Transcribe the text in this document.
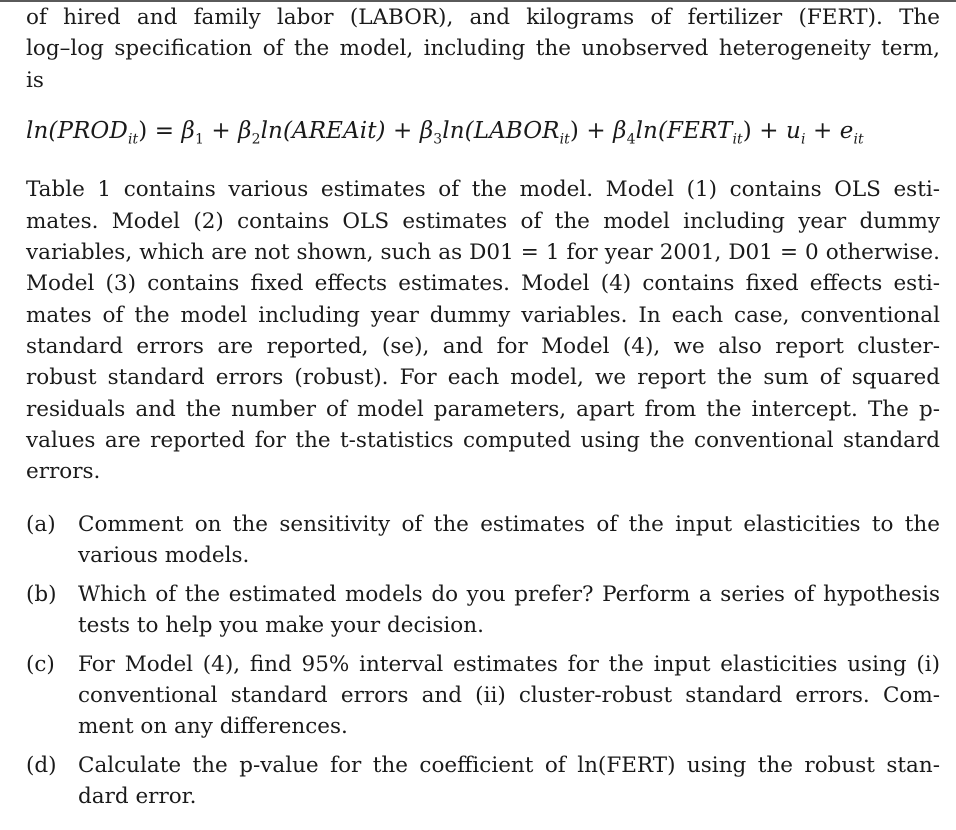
of hired and family labor (LABOR), and kilograms of fertilizer (FERT). The
log–log specification of the model, including the unobserved heterogeneity term,
is

$\ln(PROD_{it}) = \beta_1$ + $\beta_2\ln(AREAit)$ + $\beta_3\ln(LABOR_{it})$ + $\beta_4\ln(FERT_{it}) + u_i + e_{it}$

Table 1 contains various estimates of the model. Model (1) contains OLS esti-
mates. Model (2) contains OLS estimates of the model including year dummy
variables, which are not shown, such as D01 = 1 for year 2001, D01 = 0 otherwise.
Model (3) contains fixed effects estimates. Model (4) contains fixed effects esti-
mates of the model including year dummy variables. In each case, conventional
standard errors are reported, (se), and for Model (4), we also report cluster-
robust standard errors (robust). For each model, we report the sum of squared
residuals and the number of model parameters, apart from the intercept. The p-
values are reported for the t-statistics computed using the conventional standard
errors.

(a)	Comment on the sensitivity of the estimates of the input elasticities to the
various models.
(b) Which of the estimated models do you prefer? Perform a series of hypothesis
tests to help you make your decision.
(c)	For Model (4), find 95% interval estimates for the input elasticities using (i)
conventional standard errors and (ii) cluster-robust standard errors. Com-
ment on any differences.
(d) Calculate the p-value for the coefficient of ln(FERT) using the robust stan-
dard error.
